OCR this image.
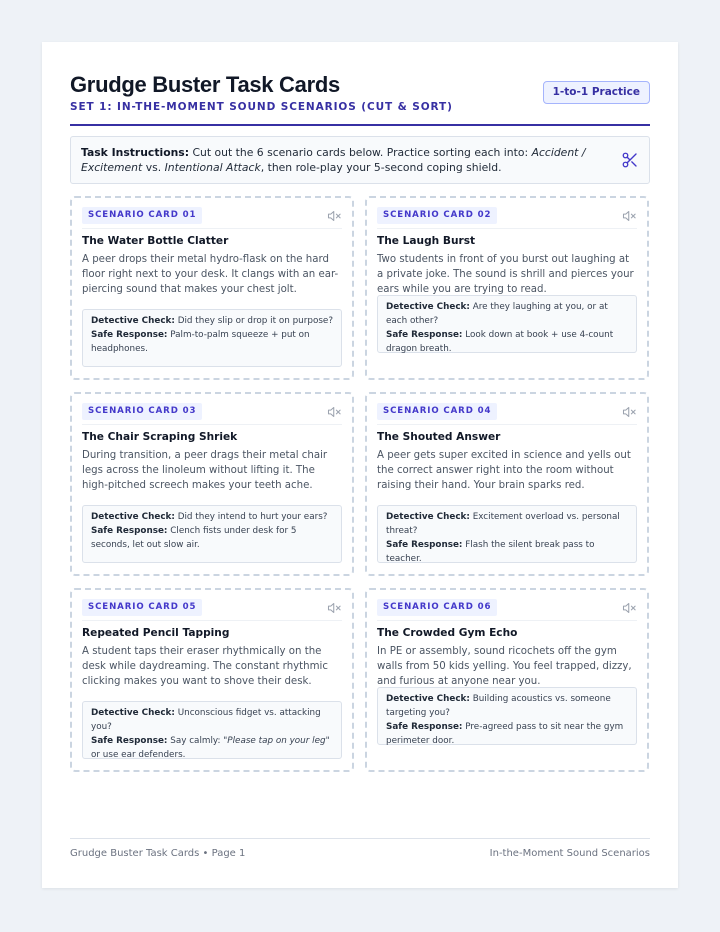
Grudge Buster Task Cards
SET 1: IN-THE-MOMENT SOUND SCENARIOS (CUT & SORT)
1-to-1 Practice
Task Instructions: Cut out the 6 scenario cards below. Practice sorting each into: Accident / Excitement vs. Intentional Attack, then role-play your 5-second coping shield.
SCENARIO CARD 01
The Water Bottle Clatter
A peer drops their metal hydro-flask on the hard floor right next to your desk. It clangs with an ear-piercing sound that makes your chest jolt.
Detective Check: Did they slip or drop it on purpose?
Safe Response: Palm-to-palm squeeze + put on headphones.
SCENARIO CARD 02
The Laugh Burst
Two students in front of you burst out laughing at a private joke. The sound is shrill and pierces your ears while you are trying to read.
Detective Check: Are they laughing at you, or at each other?
Safe Response: Look down at book + use 4-count dragon breath.
SCENARIO CARD 03
The Chair Scraping Shriek
During transition, a peer drags their metal chair legs across the linoleum without lifting it. The high-pitched screech makes your teeth ache.
Detective Check: Did they intend to hurt your ears?
Safe Response: Clench fists under desk for 5 seconds, let out slow air.
SCENARIO CARD 04
The Shouted Answer
A peer gets super excited in science and yells out the correct answer right into the room without raising their hand. Your brain sparks red.
Detective Check: Excitement overload vs. personal threat?
Safe Response: Flash the silent break pass to teacher.
SCENARIO CARD 05
Repeated Pencil Tapping
A student taps their eraser rhythmically on the desk while daydreaming. The constant rhythmic clicking makes you want to shove their desk.
Detective Check: Unconscious fidget vs. attacking you?
Safe Response: Say calmly: "Please tap on your leg" or use ear defenders.
SCENARIO CARD 06
The Crowded Gym Echo
In PE or assembly, sound ricochets off the gym walls from 50 kids yelling. You feel trapped, dizzy, and furious at anyone near you.
Detective Check: Building acoustics vs. someone targeting you?
Safe Response: Pre-agreed pass to sit near the gym perimeter door.
Grudge Buster Task Cards • Page 1	In-the-Moment Sound Scenarios
